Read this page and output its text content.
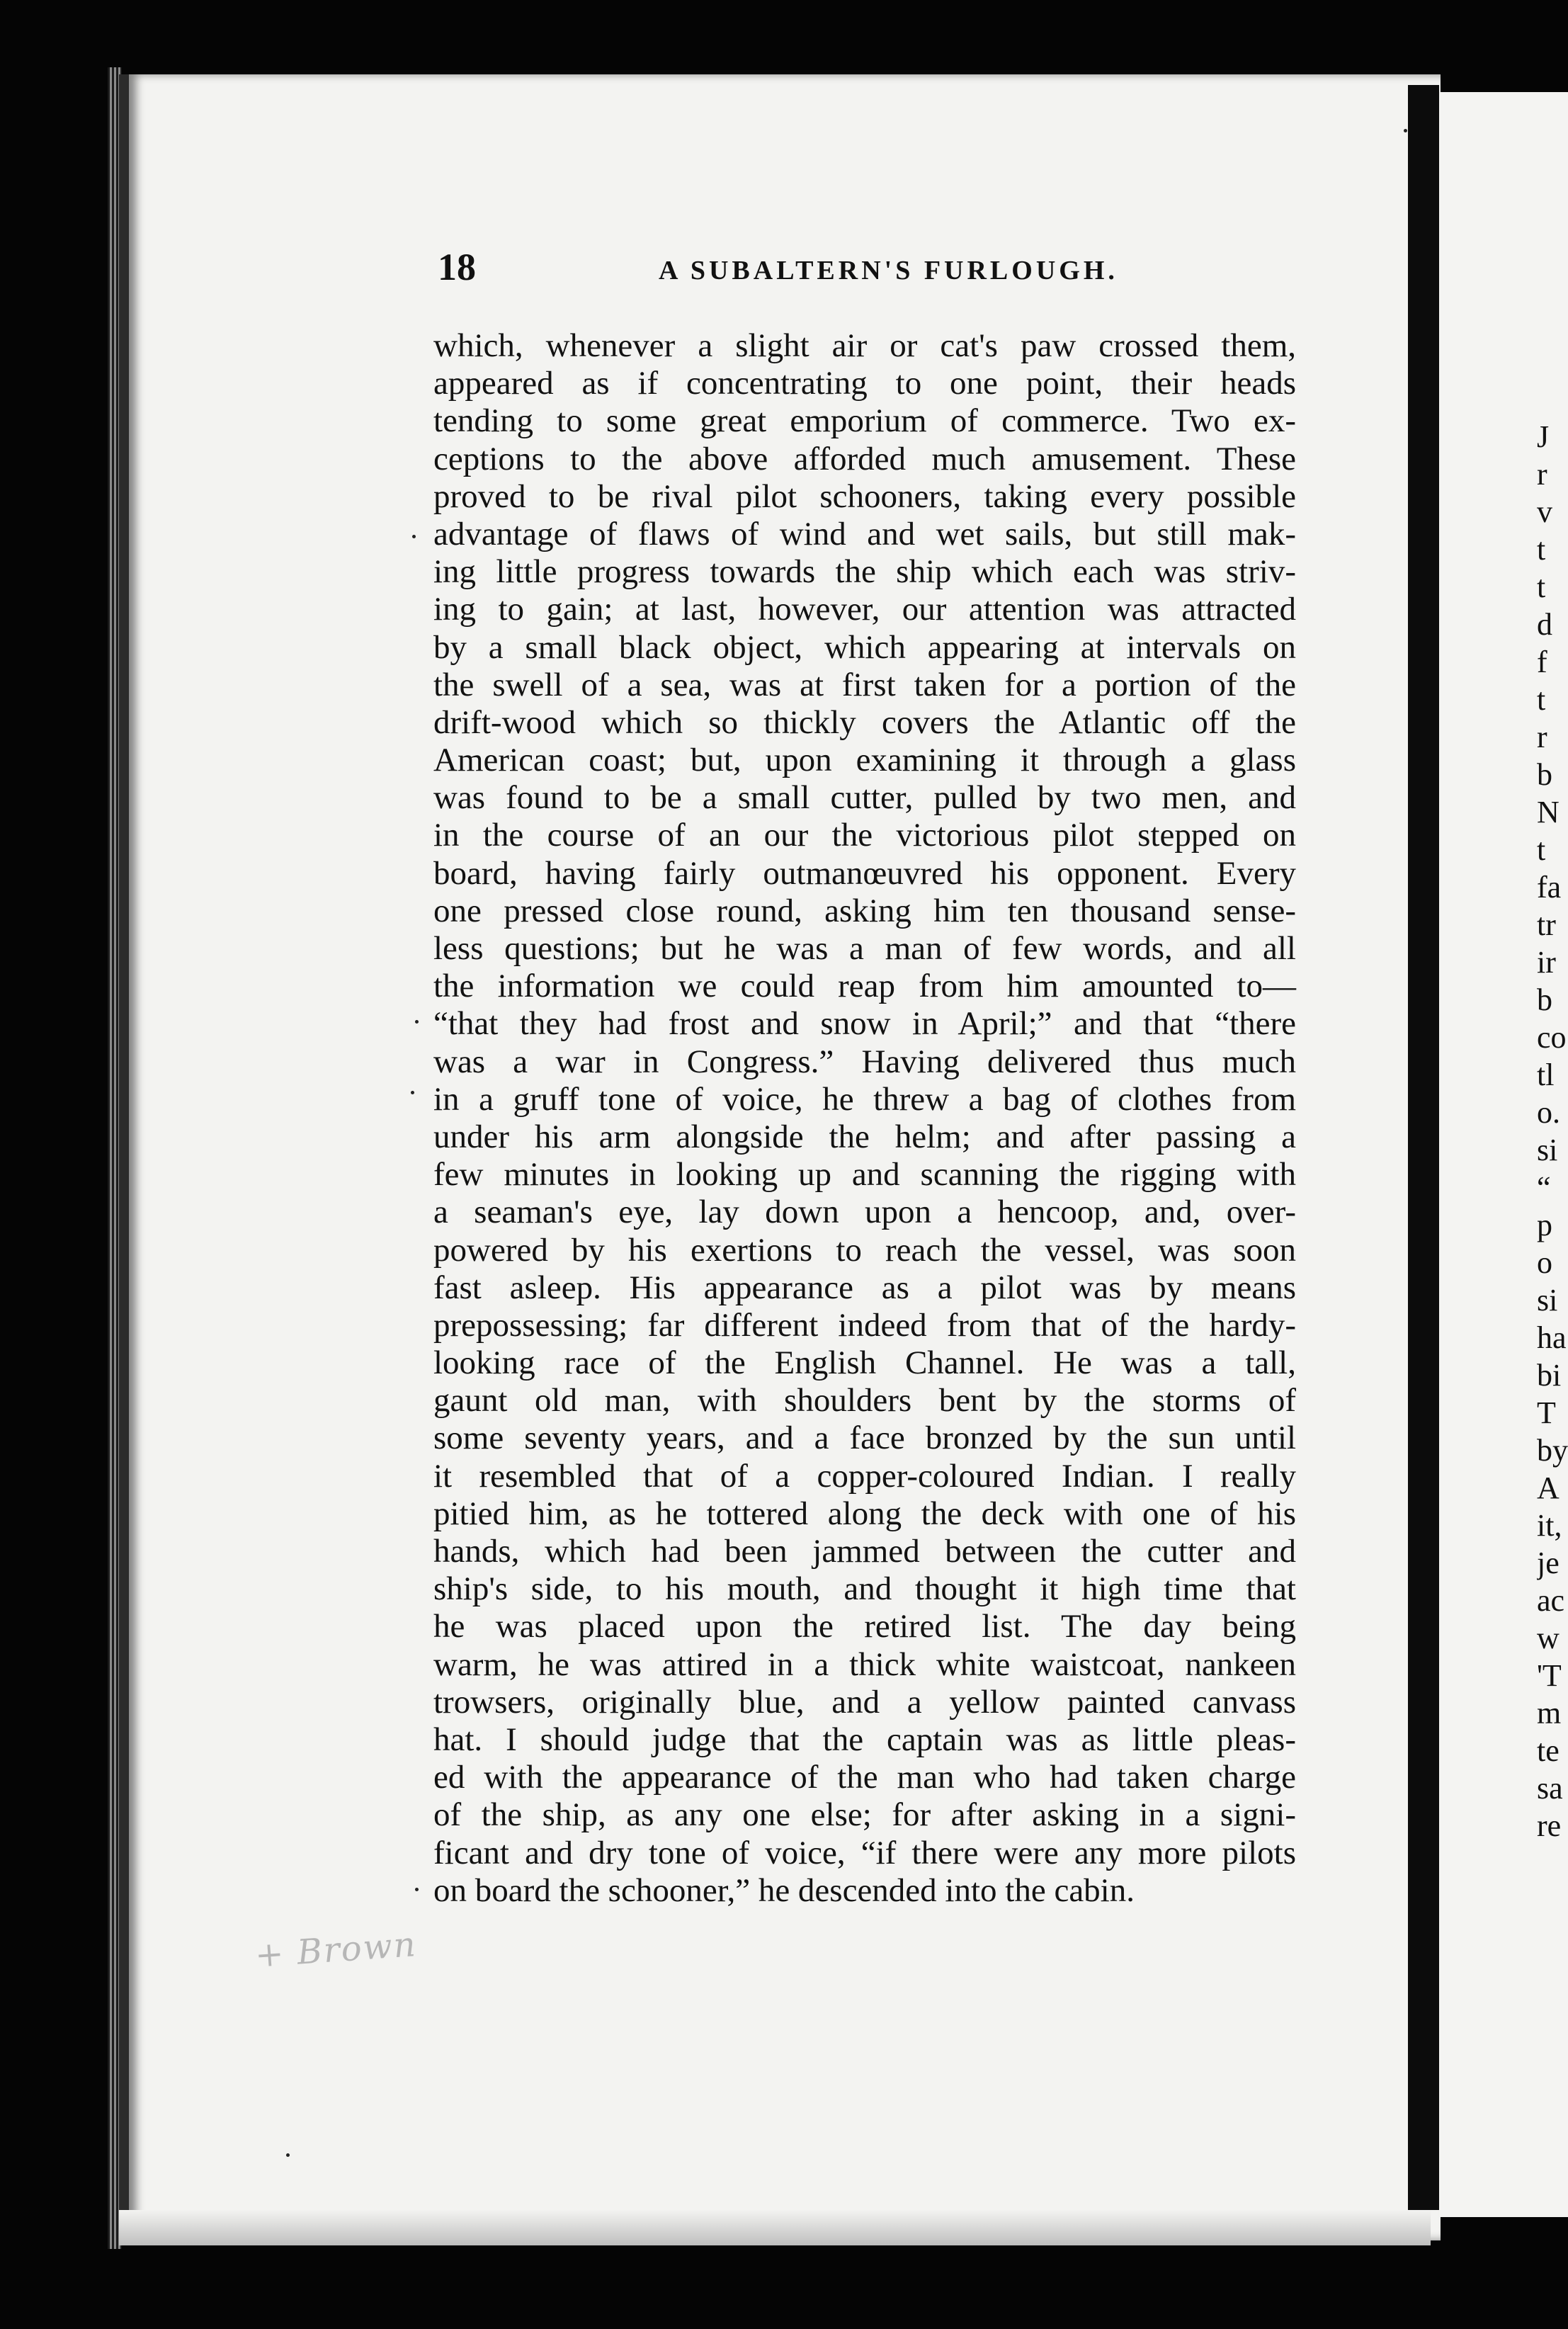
J
r
v
t
t
d
f
t
r
b
N
t
fa
tr
ir
b
co
tl
o.
si
“
p
o
si
ha
bi
T
by
A
it,
je
ac
w
'T
m
te
sa
re
18	A SUBALTERN'S FURLOUGH.
which, whenever a slight air or cat's paw crossed them,
appeared as if concentrating to one point, their heads
tending to some great emporium of commerce. Two ex-
ceptions to the above afforded much amusement. These
proved to be rival pilot schooners, taking every possible
advantage of flaws of wind and wet sails, but still mak-
ing little progress towards the ship which each was striv-
ing to gain; at last, however, our attention was attracted
by a small black object, which appearing at intervals on
the swell of a sea, was at first taken for a portion of the
drift-wood which so thickly covers the Atlantic off the
American coast; but, upon examining it through a glass
was found to be a small cutter, pulled by two men, and
in the course of an our the victorious pilot stepped on
board, having fairly outmanœuvred his opponent. Every
one pressed close round, asking him ten thousand sense-
less questions; but he was a man of few words, and all
the information we could reap from him amounted to—
“that they had frost and snow in April;” and that “there
was a war in Congress.” Having delivered thus much
in a gruff tone of voice, he threw a bag of clothes from
under his arm alongside the helm; and after passing a
few minutes in looking up and scanning the rigging with
a seaman's eye, lay down upon a hencoop, and, over-
powered by his exertions to reach the vessel, was soon
fast asleep. His appearance as a pilot was by means
prepossessing; far different indeed from that of the hardy-
looking race of the English Channel. He was a tall,
gaunt old man, with shoulders bent by the storms of
some seventy years, and a face bronzed by the sun until
it resembled that of a copper-coloured Indian. I really
pitied him, as he tottered along the deck with one of his
hands, which had been jammed between the cutter and
ship's side, to his mouth, and thought it high time that
he was placed upon the retired list. The day being
warm, he was attired in a thick white waistcoat, nankeen
trowsers, originally blue, and a yellow painted canvass
hat. I should judge that the captain was as little pleas-
ed with the appearance of the man who had taken charge
of the ship, as any one else; for after asking in a signi-
ficant and dry tone of voice, “if there were any more pilots
on board the schooner,” he descended into the cabin.
+ Brown
